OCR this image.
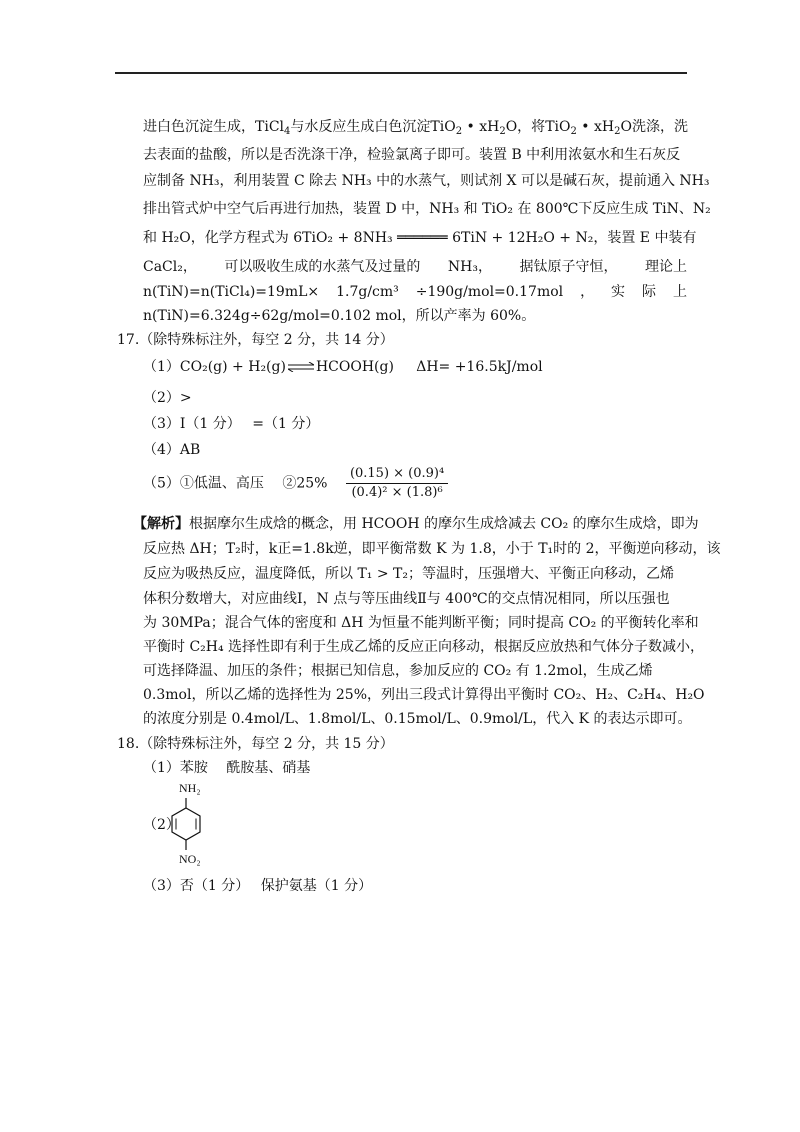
进白色沉淀生成，TiCl$_4$与水反应生成白色沉淀TiO$_2$ • $xH_2O$，将TiO$_2$ • $xH_2O$洗涤，洗
去表面的盐酸，所以是否洗涤干净，检验氯离子即可。装置 B 中利用浓氨水和生石灰反
应制备 NH₃，利用装置 C 除去 NH₃ 中的水蒸气，则试剂 X 可以是碱石灰，提前通入 NH₃
排出管式炉中空气后再进行加热，装置 D 中，NH₃ 和 TiO₂ 在 800℃下反应生成 TiN、N₂
和 H₂O，化学方程式为 6TiO₂ + 8NH₃ ══════ 6TiN + 12H₂O + N₂，装置 E 中装有
CaCl₂， 可以吸收生成的水蒸气及过量的 NH₃， 据钛原子守恒， 理论上
n(TiN)=n(TiCl₄)=19mL× 1.7g/cm³ ÷190g/mol=0.17mol ， 实 际 上
n(TiN)=6.324g÷62g/mol=0.102 mol，所以产率为 60%。
17.（除特殊标注外，每空 2 分，共 14 分）
（1）CO₂(g) + H₂(g) ⇌ HCOOH(g) ΔH= +16.5kJ/mol
（2）>
（3）Ⅰ（1 分）　 =（1 分）
（4）AB
（5）①低温、高压　 ②25% $\frac{\text{(0.15) × (0.9)⁴}}{\text{(0.4)² × (1.8)⁶}}$
【解析】根据摩尔生成焓的概念，用 HCOOH 的摩尔生成焓减去 CO₂ 的摩尔生成焓，即为
反应热 ΔH；T₂时，k正=1.8k逆，即平衡常数 K 为 1.8，小于 T₁时的 2，平衡逆向移动，该
反应为吸热反应，温度降低，所以 T₁ > T₂；等温时，压强增大、平衡正向移动，乙烯
体积分数增大，对应曲线Ⅰ，N 点与等压曲线Ⅱ与 400℃的交点情况相同，所以压强也
为 30MPa；混合气体的密度和 ΔH 为恒量不能判断平衡；同时提高 CO₂ 的平衡转化率和
平衡时 C₂H₄ 选择性即有利于生成乙烯的反应正向移动，根据反应放热和气体分子数减小，
可选择降温、加压的条件；根据已知信息，参加反应的 CO₂ 有 1.2mol，生成乙烯
0.3mol，所以乙烯的选择性为 25%，列出三段式计算得出平衡时 CO₂、H₂、C₂H₄、H₂O
的浓度分别是 0.4mol/L、1.8mol/L、0.15mol/L、0.9mol/L，代入 K 的表达示即可。
18.（除特殊标注外，每空 2 分，共 15 分）
（1）苯胺　 酰胺基、硝基
（2）
NH₂
NO₂
（3）否（1 分）　 保护氨基（1 分）
